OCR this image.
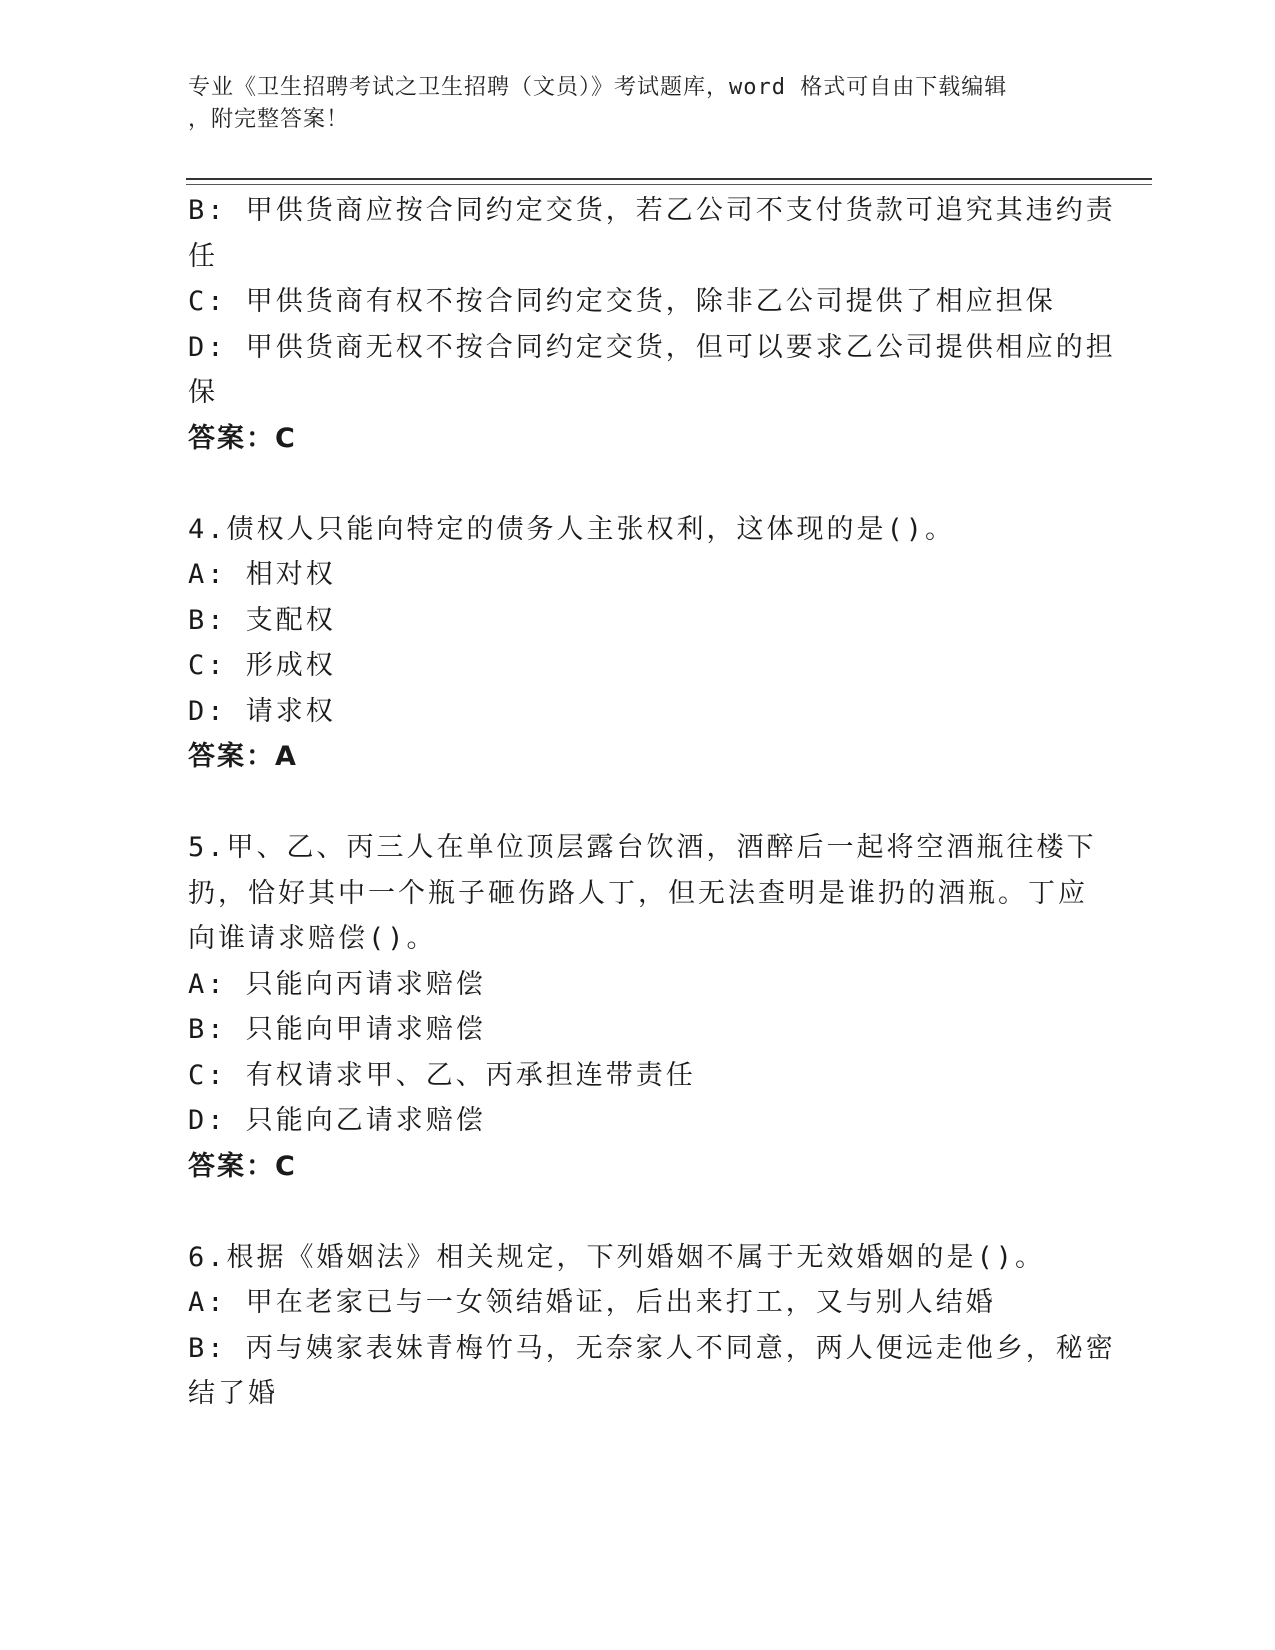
专业《卫生招聘考试之卫生招聘（文员）》考试题库，word 格式可自由下载编辑
，附完整答案！
B: 甲供货商应按合同约定交货，若乙公司不支付货款可追究其违约责
任
C: 甲供货商有权不按合同约定交货，除非乙公司提供了相应担保
D: 甲供货商无权不按合同约定交货，但可以要求乙公司提供相应的担
保
答案：C
4.债权人只能向特定的债务人主张权利，这体现的是()。
A: 相对权
B: 支配权
C: 形成权
D: 请求权
答案：A
5.甲、乙、丙三人在单位顶层露台饮酒，酒醉后一起将空酒瓶往楼下
扔，恰好其中一个瓶子砸伤路人丁，但无法查明是谁扔的酒瓶。丁应
向谁请求赔偿()。
A: 只能向丙请求赔偿
B: 只能向甲请求赔偿
C: 有权请求甲、乙、丙承担连带责任
D: 只能向乙请求赔偿
答案：C
6.根据《婚姻法》相关规定，下列婚姻不属于无效婚姻的是()。
A: 甲在老家已与一女领结婚证，后出来打工，又与别人结婚
B: 丙与姨家表妹青梅竹马，无奈家人不同意，两人便远走他乡，秘密
结了婚
